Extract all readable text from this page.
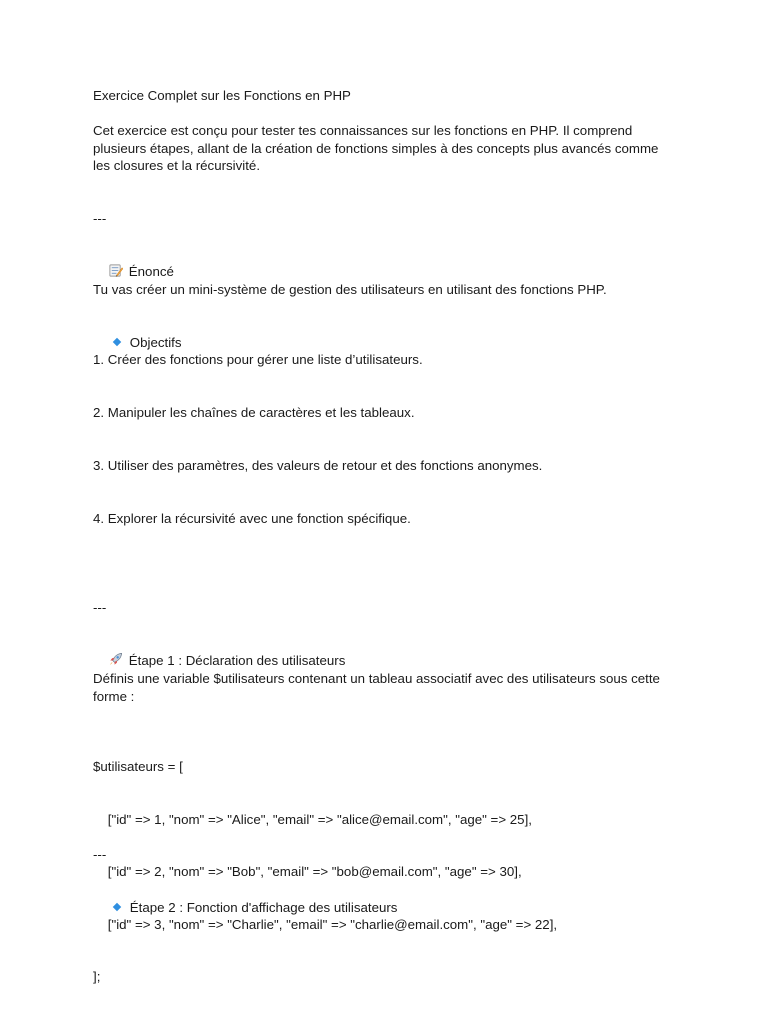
Exercice Complet sur les Fonctions en PHP
Cet exercice est conçu pour tester tes connaissances sur les fonctions en PHP. Il comprend plusieurs étapes, allant de la création de fonctions simples à des concepts plus avancés comme les closures et la récursivité.
---

Énoncé

Tu vas créer un mini-système de gestion des utilisateurs en utilisant des fonctions PHP.

Objectifs

1. Créer des fonctions pour gérer une liste d’utilisateurs.
2. Manipuler les chaînes de caractères et les tableaux.
3. Utiliser des paramètres, des valeurs de retour et des fonctions anonymes.
4. Explorer la récursivité avec une fonction spécifique.
---

Étape 1 : Déclaration des utilisateurs

Définis une variable $utilisateurs contenant un tableau associatif avec des utilisateurs sous cette forme :

$utilisateurs = [

["id" => 1, "nom" => "Alice", "email" => "alice@email.com", "age" => 25],

["id" => 2, "nom" => "Bob", "email" => "bob@email.com", "age" => 30],

["id" => 3, "nom" => "Charlie", "email" => "charlie@email.com", "age" => 22],

];

---

Étape 2 : Fonction d'affichage des utilisateurs
